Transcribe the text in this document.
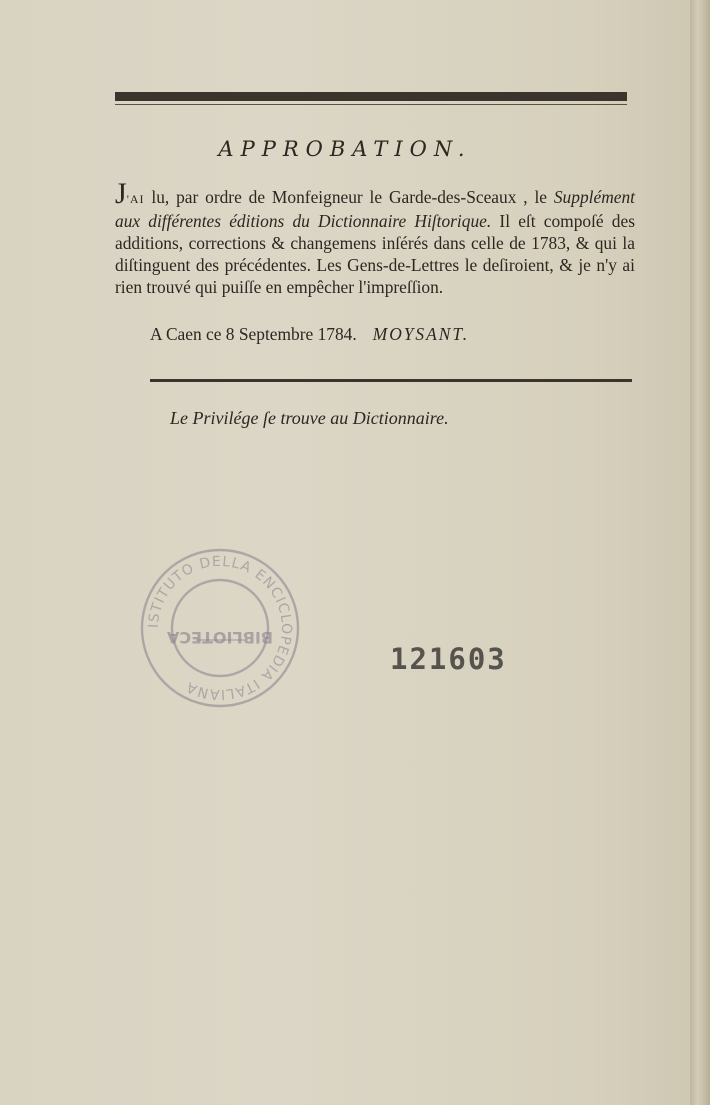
APPROBATION.
J'AI lu, par ordre de Monfeigneur le Garde-des-Sceaux , le Supplément aux différentes éditions du Dictionnaire Hiſtorique. Il eſt compoſé des additions, corrections & changemens inſérés dans celle de 1783, & qui la diſtinguent des précédentes. Les Gens-de-Lettres le deſiroient, & je n'y ai rien trouvé qui puiſſe en empêcher l'impreſſion.
A Caen ce 8 Septembre 1784. MOYSANT.
Le Privilége ſe trouve au Dictionnaire.
ISTITUTO DELLA ENCICLOPEDIA ITALIANA
BIBLIOTECA
121603
